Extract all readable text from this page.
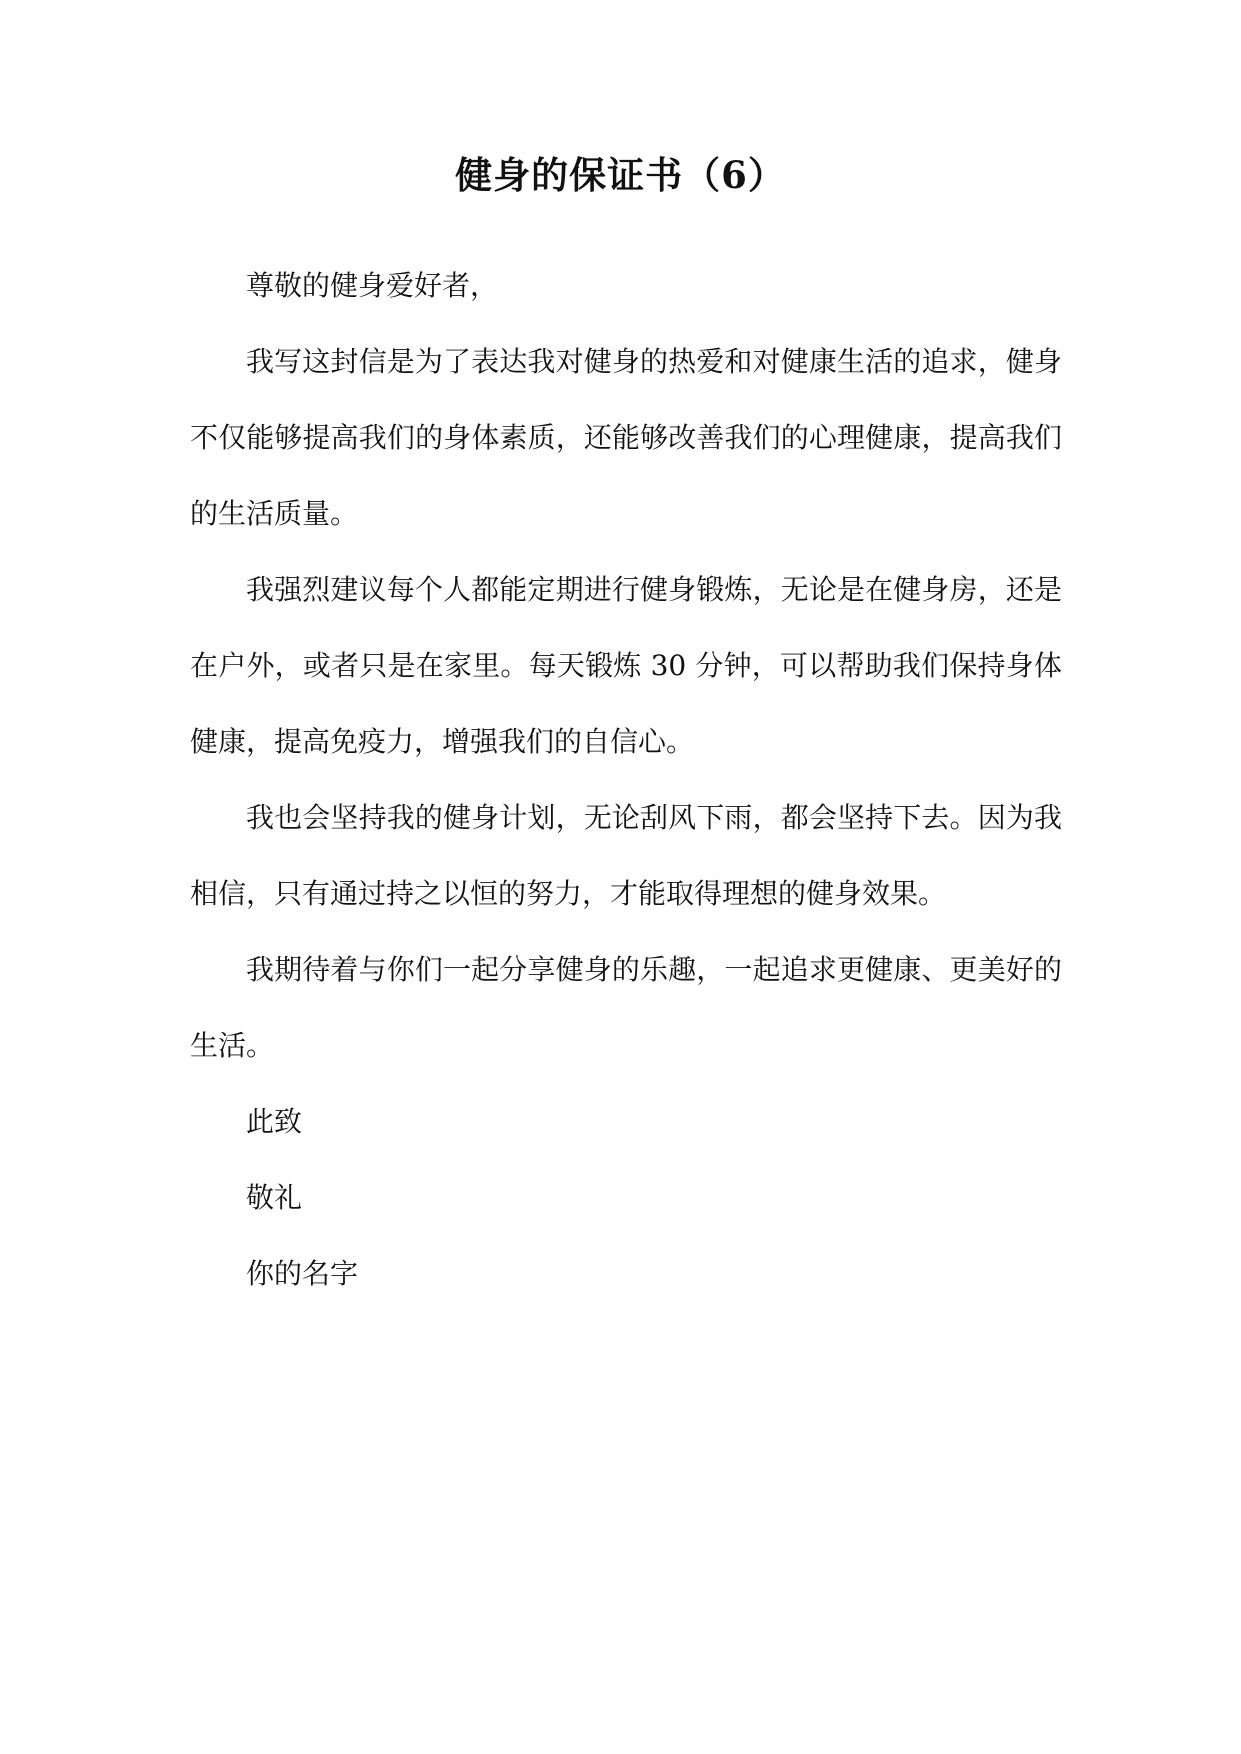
健身的保证书（6）

尊敬的健身爱好者，

我写这封信是为了表达我对健身的热爱和对健康生活的追求，健身不仅能够提高我们的身体素质，还能够改善我们的心理健康，提高我们的生活质量。

我强烈建议每个人都能定期进行健身锻炼，无论是在健身房，还是在户外，或者只是在家里。每天锻炼 30 分钟，可以帮助我们保持身体健康，提高免疫力，增强我们的自信心。

我也会坚持我的健身计划，无论刮风下雨，都会坚持下去。因为我相信，只有通过持之以恒的努力，才能取得理想的健身效果。

我期待着与你们一起分享健身的乐趣，一起追求更健康、更美好的生活。

此致

敬礼

你的名字
